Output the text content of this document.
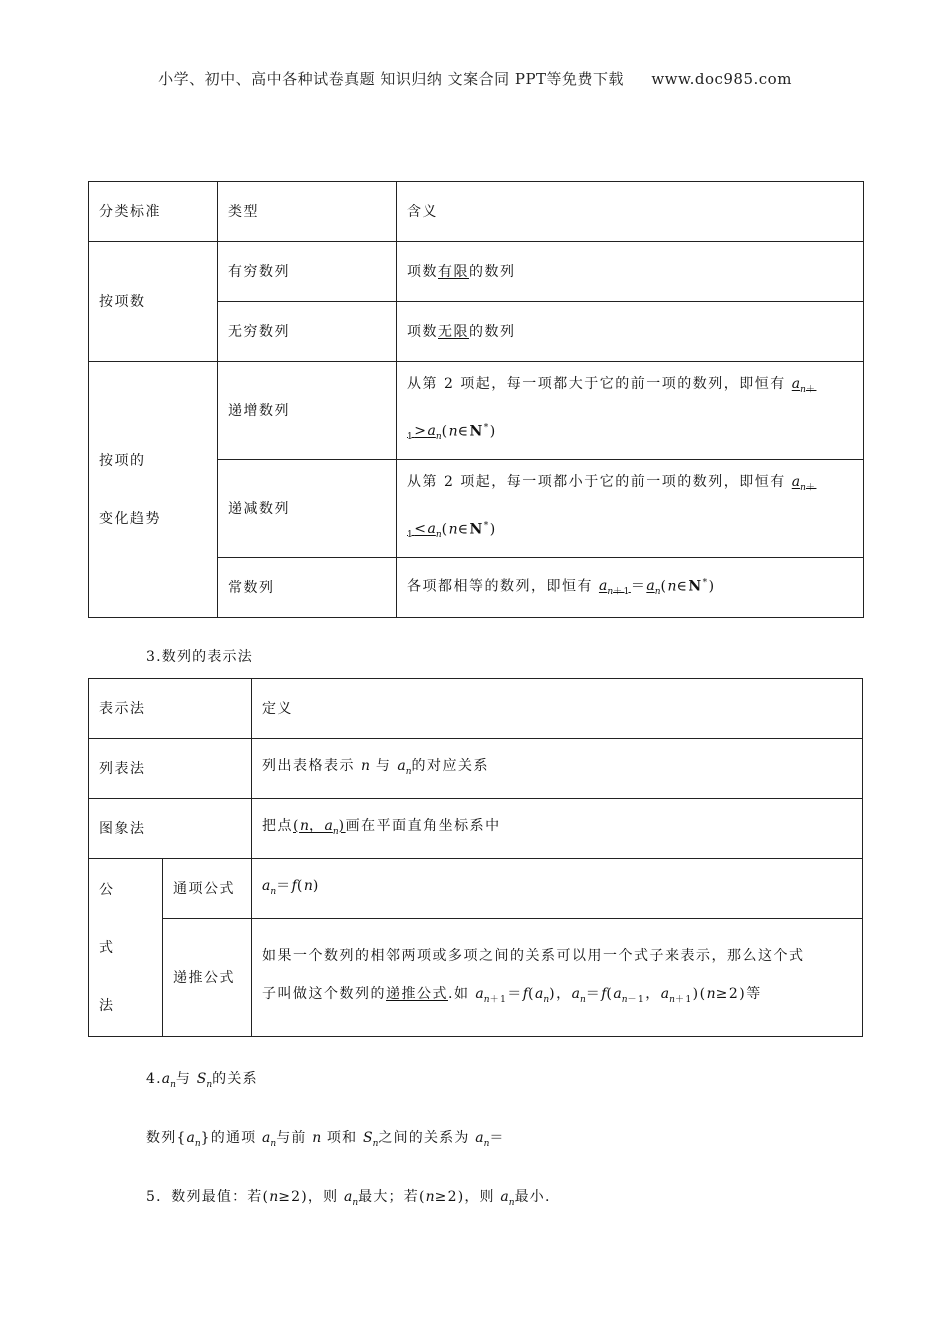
小学、初中、高中各种试卷真题 知识归纳 文案合同 PPT等免费下载 www.doc985.com
分类标准	类型	含义
按项数	有穷数列	项数有限的数列
	无穷数列	项数无限的数列

按项的
变化趋势	递增数列	从第 2 项起，每一项都大于它的前一项的数列，即恒有 $a_{n+1}>a_n(n\in N^*)$
	递减数列	从第 2 项起，每一项都小于它的前一项的数列，即恒有 $a_{n+1}<a_n(n\in N^*)$
	常数列	各项都相等的数列，即恒有 $a_{n+1}=a_n(n\in N^*)$
3.数列的表示法
表示法		定义
列表法		列出表格表示 n 与 $a_n$的对应关系
图象法		把点(n，$a_n$)画在平面直角坐标系中

公
式
法	通项公式	$a_n=f(n)$
	递推公式	如果一个数列的相邻两项或多项之间的关系可以用一个式子来表示，那么这个式
子叫做这个数列的递推公式.如 $a_{n+1}=f(a_n)$，$a_n=f(a_{n-1}$，$a_{n+1})(n\ge 2)$等
$4.a_n$与 $S_n$的关系
数列$\{a_n\}$的通项 $a_n$与前 n 项和 $S_n$之间的关系为 $a_n=$
5．数列最值：若(n≥2)，则 $a_n$最大；若(n≥2)，则 $a_n$最小.
